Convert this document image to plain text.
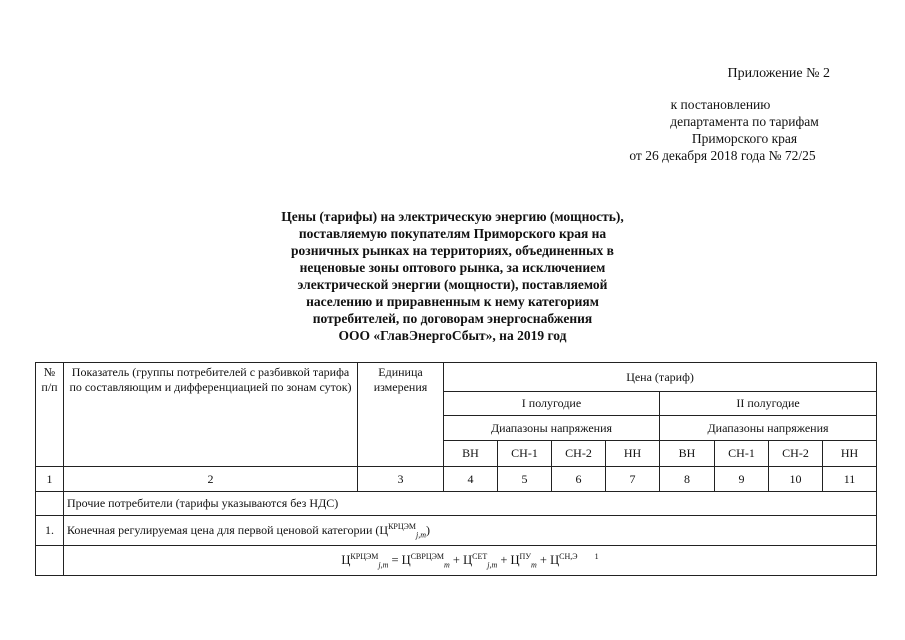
Приложение № 2
к постановлению
департамента по тарифам
Приморского края
от 26 декабря 2018 года № 72/25
Цены (тарифы) на электрическую энергию (мощность),
поставляемую покупателям Приморского края на
розничных рынках на территориях, объединенных в
неценовые зоны оптового рынка, за исключением
электрической энергии (мощности), поставляемой
населению и приравненным к нему категориям
потребителей, по договорам энергоснабжения
ООО «ГлавЭнергоСбыт», на 2019 год
№ п/п	Показатель (группы потребителей с разбивкой тарифа по составляющим и дифференциацией по зонам суток)	Единица измерения	Цена (тариф)							
			I полугодие				II полугодие			
			Диапазоны напряжения				Диапазоны напряжения			
			ВН	СН-1	СН-2	НН	ВН	СН-1	СН-2	НН
1	2	3	4	5	6	7	8	9	10	11
	Прочие потребители (тарифы указываются без НДС)									
1.	Конечная регулируемая цена для первой ценовой категории $(Ц^{КРЦЭМ}_{j,m})$									
	$Ц^{КРЦЭМ}_{j,m} = Ц^{СВРЦЭМ}_m + Ц^{СЕТ}_{j,m} + Ц^{ПУ}_m + Ц^{СН,Э}$ $^1$
